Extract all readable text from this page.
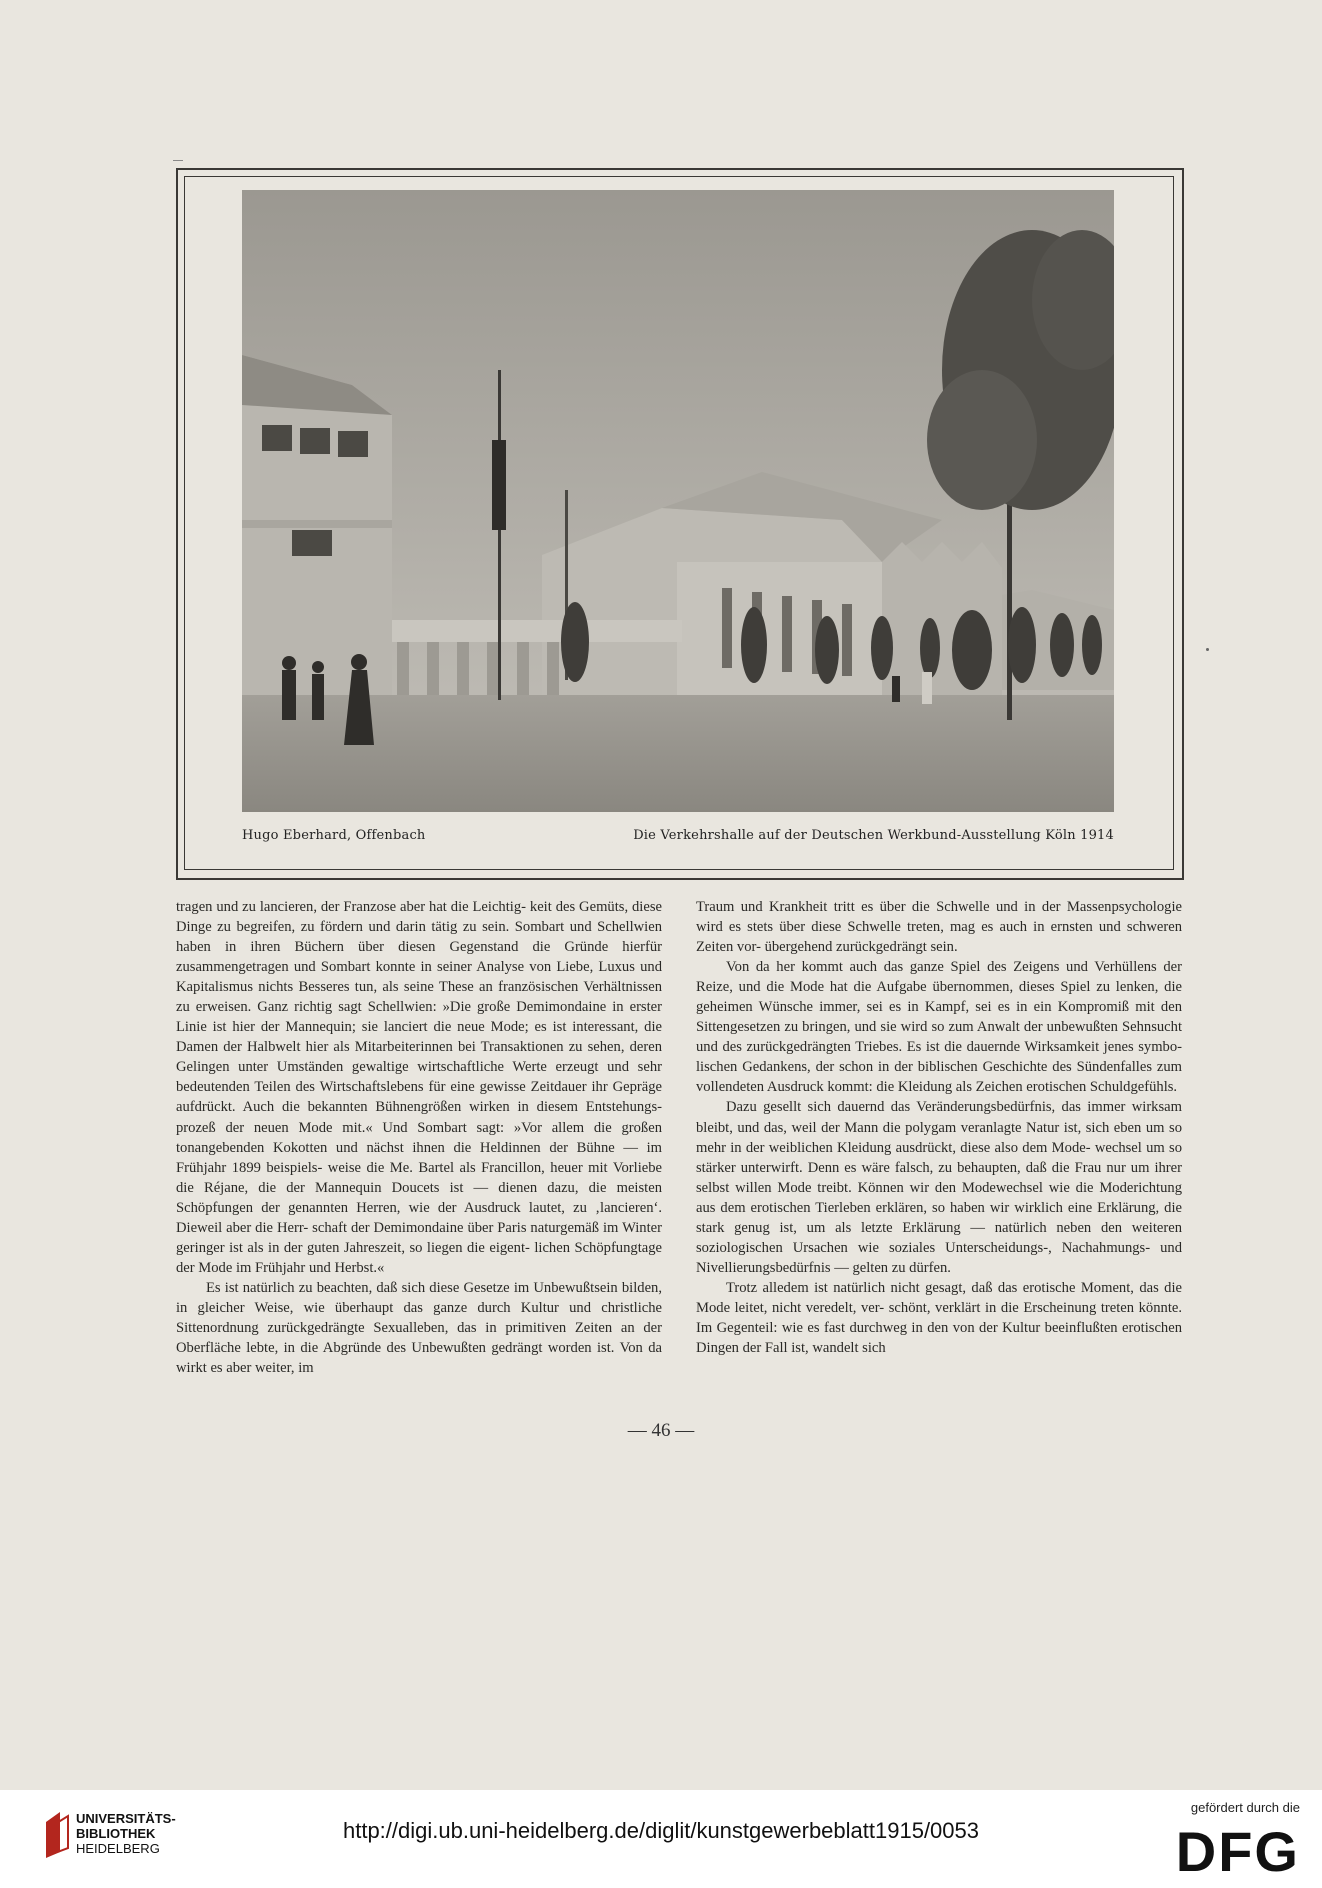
Hugo Eberhard, Offenbach	Die Verkehrshalle auf der Deutschen Werkbund-Ausstellung Köln 1914

tragen und zu lancieren, der Franzose aber hat die Leichtig- keit des Gemüts, diese Dinge zu begreifen, zu fördern und darin tätig zu sein. Sombart und Schellwien haben in ihren Büchern über diesen Gegenstand die Gründe hierfür zusammengetragen und Sombart konnte in seiner Analyse von Liebe, Luxus und Kapitalismus nichts Besseres tun, als seine These an französischen Verhältnissen zu erweisen. Ganz richtig sagt Schellwien: »Die große Demimondaine in erster Linie ist hier der Mannequin; sie lanciert die neue Mode; es ist interessant, die Damen der Halbwelt hier als Mitarbeiterinnen bei Transaktionen zu sehen, deren Gelingen unter Umständen gewaltige wirtschaftliche Werte erzeugt und sehr bedeutenden Teilen des Wirtschaftslebens für eine gewisse Zeitdauer ihr Gepräge aufdrückt. Auch die bekannten Bühnengrößen wirken in diesem Entstehungs- prozeß der neuen Mode mit.« Und Sombart sagt: »Vor allem die großen tonangebenden Kokotten und nächst ihnen die Heldinnen der Bühne — im Frühjahr 1899 beispiels- weise die Me. Bartel als Francillon, heuer mit Vorliebe die Réjane, die der Mannequin Doucets ist — dienen dazu, die meisten Schöpfungen der genannten Herren, wie der Ausdruck lautet, zu ‚lancieren‘. Dieweil aber die Herr- schaft der Demimondaine über Paris naturgemäß im Winter geringer ist als in der guten Jahreszeit, so liegen die eigent- lichen Schöpfungtage der Mode im Frühjahr und Herbst.«

Es ist natürlich zu beachten, daß sich diese Gesetze im Unbewußtsein bilden, in gleicher Weise, wie überhaupt das ganze durch Kultur und christliche Sittenordnung zurückgedrängte Sexualleben, das in primitiven Zeiten an der Oberfläche lebte, in die Abgründe des Unbewußten gedrängt worden ist. Von da wirkt es aber weiter, im

Traum und Krankheit tritt es über die Schwelle und in der Massenpsychologie wird es stets über diese Schwelle treten, mag es auch in ernsten und schweren Zeiten vor- übergehend zurückgedrängt sein.

Von da her kommt auch das ganze Spiel des Zeigens und Verhüllens der Reize, und die Mode hat die Aufgabe übernommen, dieses Spiel zu lenken, die geheimen Wünsche immer, sei es in Kampf, sei es in ein Kompromiß mit den Sittengesetzen zu bringen, und sie wird so zum Anwalt der unbewußten Sehnsucht und des zurückgedrängten Triebes. Es ist die dauernde Wirksamkeit jenes symbo- lischen Gedankens, der schon in der biblischen Geschichte des Sündenfalles zum vollendeten Ausdruck kommt: die Kleidung als Zeichen erotischen Schuldgefühls.

Dazu gesellt sich dauernd das Veränderungsbedürfnis, das immer wirksam bleibt, und das, weil der Mann die polygam veranlagte Natur ist, sich eben um so mehr in der weiblichen Kleidung ausdrückt, diese also dem Mode- wechsel um so stärker unterwirft. Denn es wäre falsch, zu behaupten, daß die Frau nur um ihrer selbst willen Mode treibt. Können wir den Modewechsel wie die Moderichtung aus dem erotischen Tierleben erklären, so haben wir wirklich eine Erklärung, die stark genug ist, um als letzte Erklärung — natürlich neben den weiteren soziologischen Ursachen wie soziales Unterscheidungs-, Nachahmungs- und Nivellierungsbedürfnis — gelten zu dürfen.

Trotz alledem ist natürlich nicht gesagt, daß das erotische Moment, das die Mode leitet, nicht veredelt, ver- schönt, verklärt in die Erscheinung treten könnte. Im Gegenteil: wie es fast durchweg in den von der Kultur beeinflußten erotischen Dingen der Fall ist, wandelt sich

— 46 —
UNIVERSITÄTS-
BIBLIOTHEK
HEIDELBERG
http://digi.ub.uni-heidelberg.de/diglit/kunstgewerbeblatt1915/0053
gefördert durch die
DFG
